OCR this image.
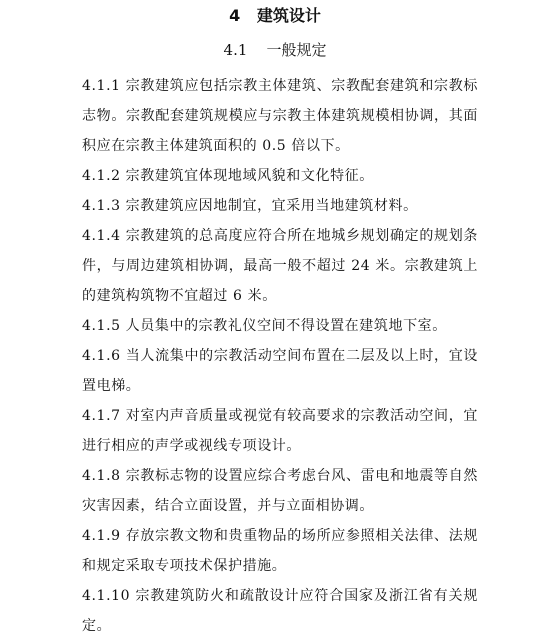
4   建筑设计
4.1    一般规定

4.1.1 宗教建筑应包括宗教主体建筑、宗教配套建筑和宗教标志物。宗教配套建筑规模应与宗教主体建筑规模相协调，其面积应在宗教主体建筑面积的 0.5 倍以下。

4.1.2 宗教建筑宜体现地域风貌和文化特征。

4.1.3 宗教建筑应因地制宜，宜采用当地建筑材料。

4.1.4 宗教建筑的总高度应符合所在地城乡规划确定的规划条件，与周边建筑相协调，最高一般不超过 24 米。宗教建筑上的建筑构筑物不宜超过 6 米。

4.1.5 人员集中的宗教礼仪空间不得设置在建筑地下室。

4.1.6 当人流集中的宗教活动空间布置在二层及以上时，宜设置电梯。

4.1.7 对室内声音质量或视觉有较高要求的宗教活动空间，宜进行相应的声学或视线专项设计。

4.1.8 宗教标志物的设置应综合考虑台风、雷电和地震等自然灾害因素，结合立面设置，并与立面相协调。

4.1.9 存放宗教文物和贵重物品的场所应参照相关法律、法规和规定采取专项技术保护措施。

4.1.10 宗教建筑防火和疏散设计应符合国家及浙江省有关规定。
